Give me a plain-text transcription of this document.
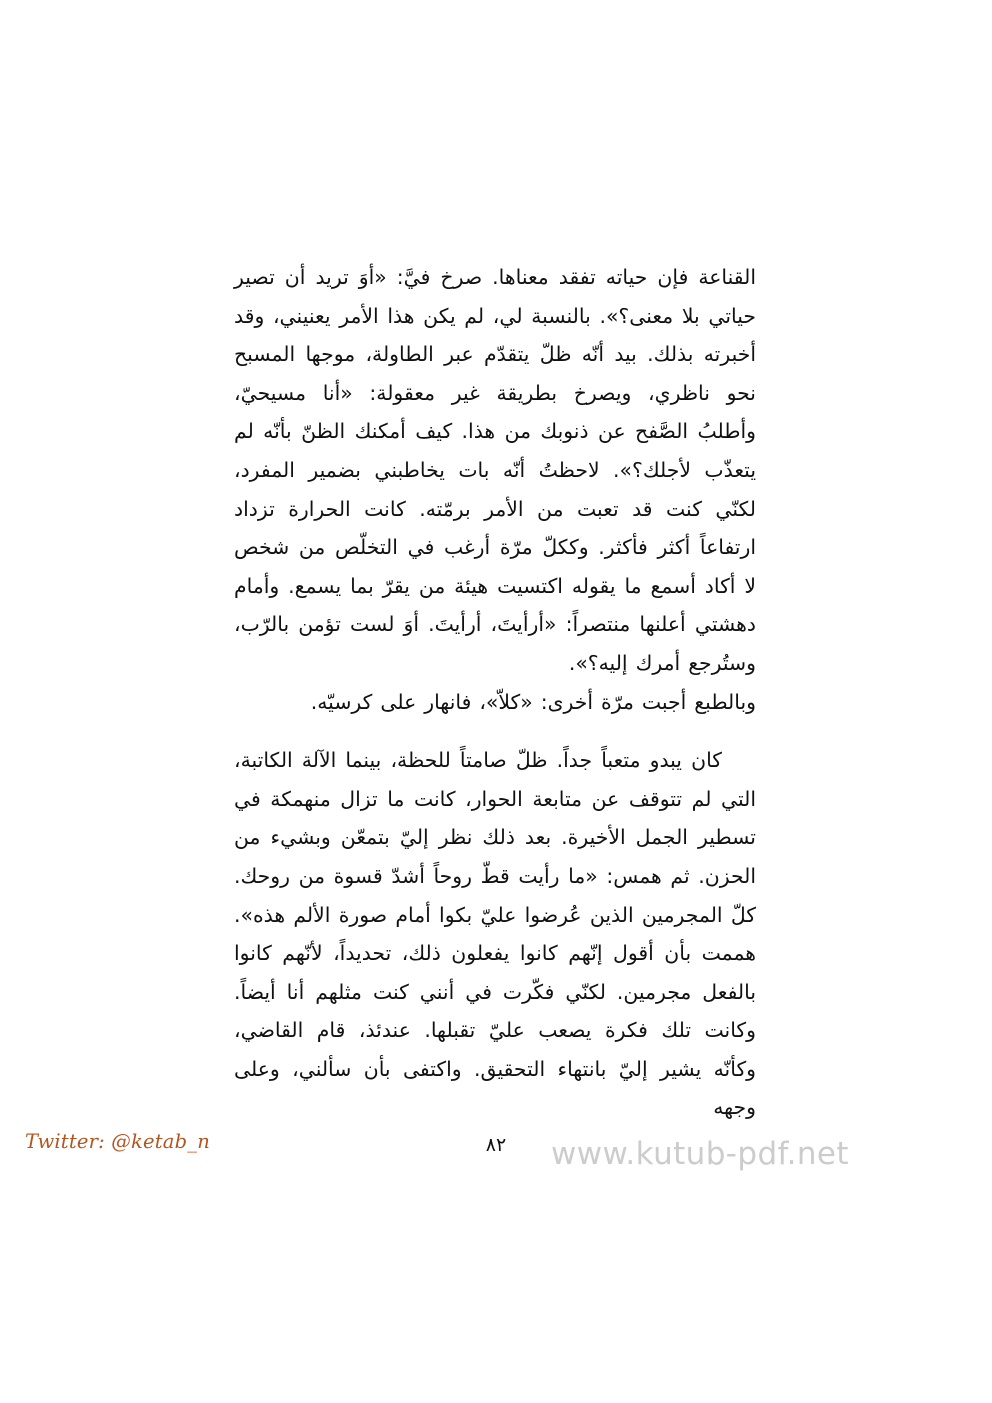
القناعة فإن حياته تفقد معناها. صرخ فيَّ: «أوَ تريد أن تصير حياتي بلا معنى؟». بالنسبة لي، لم يكن هذا الأمر يعنيني، وقد أخبرته بذلك. بيد أنّه ظلّ يتقدّم عبر الطاولة، موجها المسبح نحو ناظري، ويصرخ بطريقة غير معقولة: «أنا مسيحيّ، وأطلبُ الصَّفح عن ذنوبك من هذا. كيف أمكنك الظنّ بأنّه لم يتعذّب لأجلك؟». لاحظتُ أنّه بات يخاطبني بضمير المفرد، لكنّي كنت قد تعبت من الأمر برمّته. كانت الحرارة تزداد ارتفاعاً أكثر فأكثر. وككلّ مرّة أرغب في التخلّص من شخص لا أكاد أسمع ما يقوله اكتسيت هيئة من يقرّ بما يسمع. وأمام دهشتي أعلنها منتصراً: «أرأيتَ، أرأيتَ. أوَ لست تؤمن بالرّب، وستُرجع أمرك إليه؟».
وبالطبع أجبت مرّة أخرى: «كلاّ»، فانهار على كرسيّه.

كان يبدو متعباً جداً. ظلّ صامتاً للحظة، بينما الآلة الكاتبة، التي لم تتوقف عن متابعة الحوار، كانت ما تزال منهمكة في تسطير الجمل الأخيرة. بعد ذلك نظر إليّ بتمعّن وبشيء من الحزن. ثم همس: «ما رأيت قطّ روحاً أشدّ قسوة من روحك. كلّ المجرمين الذين عُرضوا عليّ بكوا أمام صورة الألم هذه». هممت بأن أقول إنّهم كانوا يفعلون ذلك، تحديداً، لأنّهم كانوا بالفعل مجرمين. لكنّي فكّرت في أنني كنت مثلهم أنا أيضاً. وكانت تلك فكرة يصعب عليّ تقبلها. عندئذ، قام القاضي، وكأنّه يشير إليّ بانتهاء التحقيق. واكتفى بأن سألني، وعلى وجهه

Twitter: @ketab_n	٨٢	www.kutub-pdf.net
